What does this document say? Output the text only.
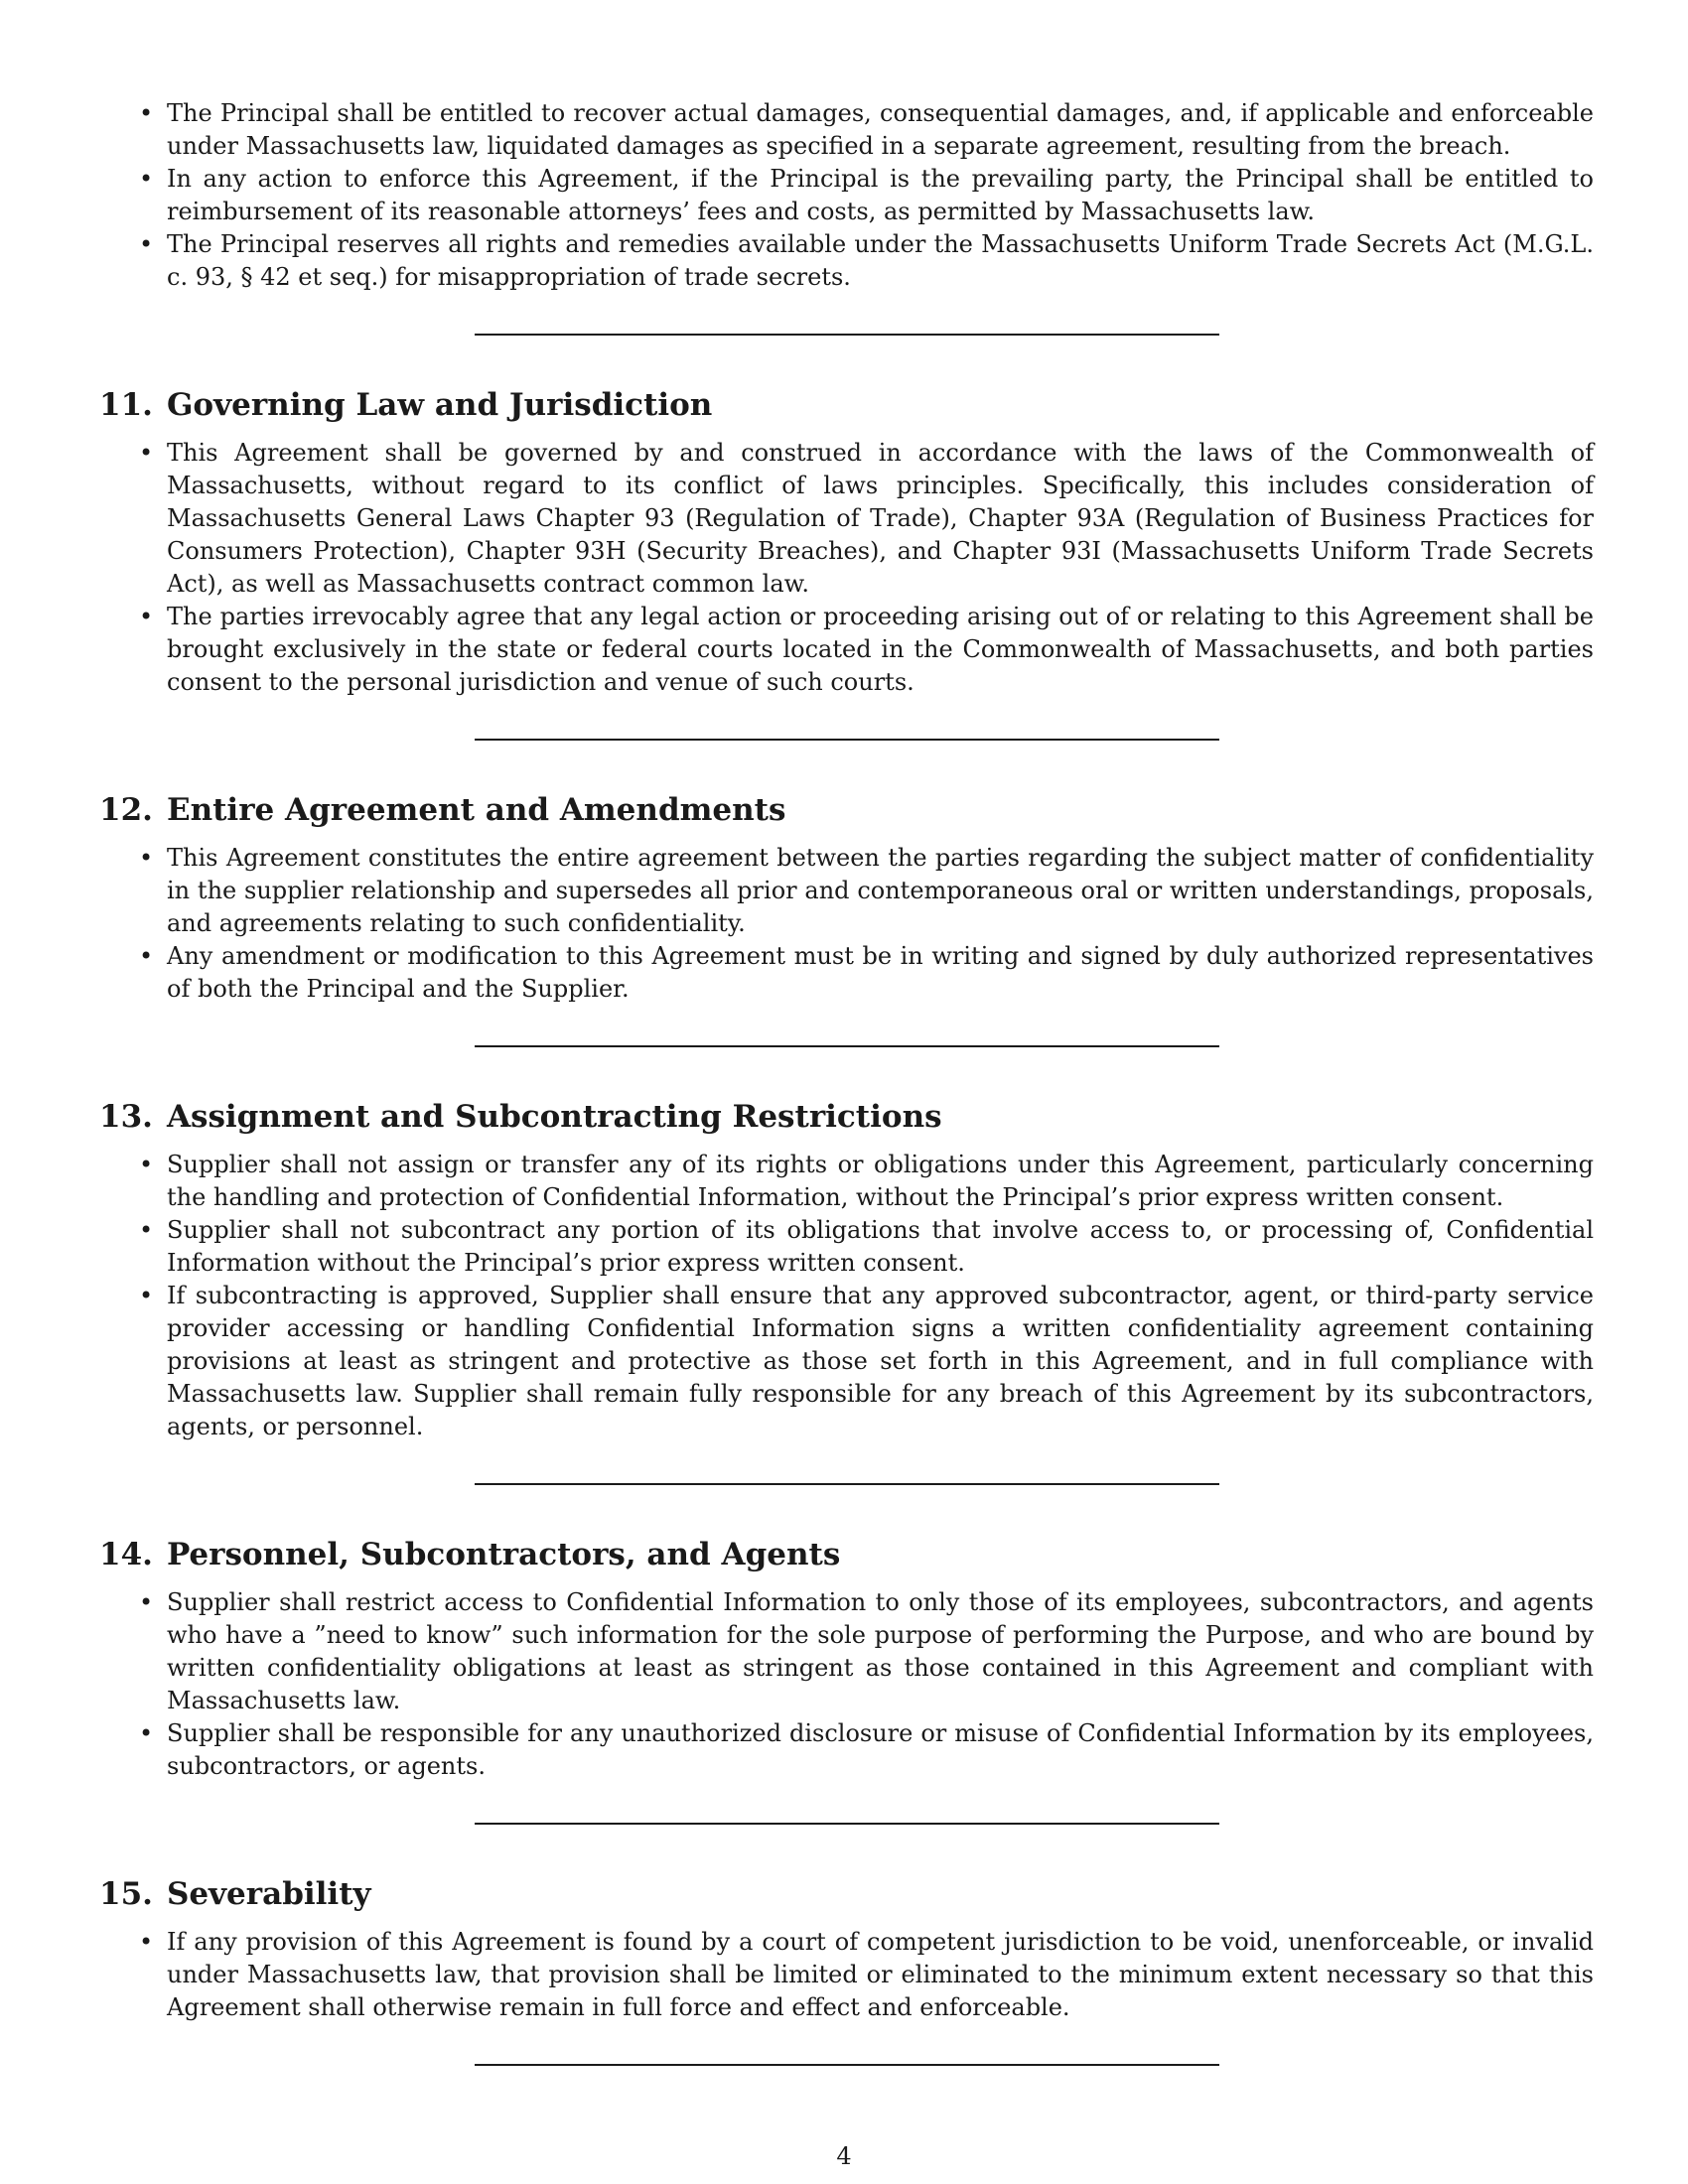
• The Principal shall be entitled to recover actual damages, consequential damages, and, if applicable and enforceable under Massachusetts law, liquidated damages as specified in a separate agreement, resulting from the breach.
• In any action to enforce this Agreement, if the Principal is the prevailing party, the Principal shall be entitled to reimbursement of its reasonable attorneys’ fees and costs, as permitted by Massachusetts law.
• The Principal reserves all rights and remedies available under the Massachusetts Uniform Trade Secrets Act (M.G.L. c. 93, § 42 et seq.) for misappropriation of trade secrets.
11. Governing Law and Jurisdiction
• This Agreement shall be governed by and construed in accordance with the laws of the Commonwealth of Massachusetts, without regard to its conflict of laws principles. Specifically, this includes consideration of Massachusetts General Laws Chapter 93 (Regulation of Trade), Chapter 93A (Regulation of Business Practices for Consumers Protection), Chapter 93H (Security Breaches), and Chapter 93I (Massachusetts Uniform Trade Secrets Act), as well as Massachusetts contract common law.
• The parties irrevocably agree that any legal action or proceeding arising out of or relating to this Agreement shall be brought exclusively in the state or federal courts located in the Commonwealth of Massachusetts, and both parties consent to the personal jurisdiction and venue of such courts.
12. Entire Agreement and Amendments
• This Agreement constitutes the entire agreement between the parties regarding the subject matter of confidentiality in the supplier relationship and supersedes all prior and contemporaneous oral or written understandings, proposals, and agreements relating to such confidentiality.
• Any amendment or modification to this Agreement must be in writing and signed by duly authorized representatives of both the Principal and the Supplier.
13. Assignment and Subcontracting Restrictions
• Supplier shall not assign or transfer any of its rights or obligations under this Agreement, particularly concerning the handling and protection of Confidential Information, without the Principal’s prior express written consent.
• Supplier shall not subcontract any portion of its obligations that involve access to, or processing of, Confidential Information without the Principal’s prior express written consent.
• If subcontracting is approved, Supplier shall ensure that any approved subcontractor, agent, or third-party service provider accessing or handling Confidential Information signs a written confidentiality agreement containing provisions at least as stringent and protective as those set forth in this Agreement, and in full compliance with Massachusetts law. Supplier shall remain fully responsible for any breach of this Agreement by its subcontractors, agents, or personnel.
14. Personnel, Subcontractors, and Agents
• Supplier shall restrict access to Confidential Information to only those of its employees, subcontractors, and agents who have a ”need to know” such information for the sole purpose of performing the Purpose, and who are bound by written confidentiality obligations at least as stringent as those contained in this Agreement and compliant with Massachusetts law.
• Supplier shall be responsible for any unauthorized disclosure or misuse of Confidential Information by its employees, subcontractors, or agents.
15. Severability
• If any provision of this Agreement is found by a court of competent jurisdiction to be void, unenforceable, or invalid under Massachusetts law, that provision shall be limited or eliminated to the minimum extent necessary so that this Agreement shall otherwise remain in full force and effect and enforceable.
4
